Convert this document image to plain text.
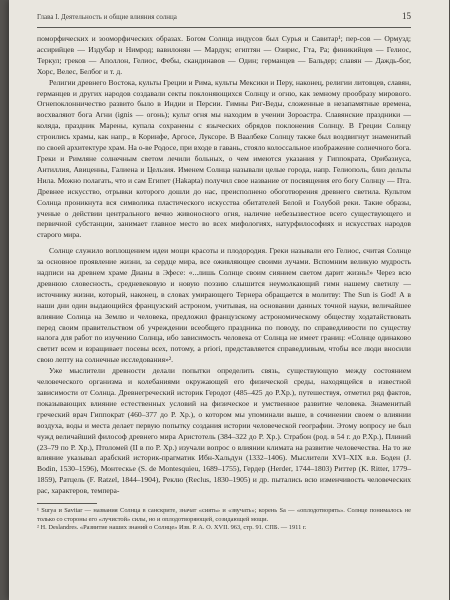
Глава I. Деятельность и общие влияния солнца	15

поморфических и зооморфических образах. Богом Солнца индусов был Сурья и Савитар¹; пер-сов — Ормузд; ассирийцев — Издубар и Нимрод; вавилонян — Мардук; египтян — Озирис, Гта, Ра; финикийцев — Гелиос, Теркул; греков — Аполлон, Гелиос, Фебы, скандинавов — Один; германцев — Бальдер; славян — Даждь-бог, Хорс, Велес, Белбог и т. д.

Религии древнего Востока, культы Греции и Рима, культы Мексики и Перу, наконец, религии литовцев, славян, германцев и других народов создавали секты поклоняющихся Солнцу и огню, как земному прообразу мирового. Огнепоклонничество развито было в Индии и Персии. Гимны Риг-Веды, сложенные в незапамятные времена, восхваляют бога Агни (ignis — огонь); культ огня мы находим в учении Зороастра. Славянские праздники — коляда, праздник Марены, купала сохранены с языческих обрядов поклонения Солнцу. В Греции Солнцу строились храмы, как напр., в Коринфе, Аргосе, Луксоре. В Ваалбеке Солнцу также был воздвигнут знаменитый по своей архитектуре храм. На о-ве Родосе, при входе в гавань, стояло колоссальное изображение солнечного бога. Греки и Римляне солнечным светом лечили больных, о чем имеются указания у Гиппократа, Орибазиуса, Антиллия, Авиценны, Галиена и Цельзия. Именем Солнца называли целые города, напр. Гелиополь, близ дельты Нила. Можно полагать, что и сам Египет (Hakapta) получил свое название от посвящения его богу Солнцу — Пта. Древнее искусство, отрывки которого дошли до нас, преисполнено обоготворения древнего светила. Культом Солнца проникнута вся символика пластического искусства обитателей Белой и Голубой реки. Такие образы, ученые о действии центрального вечно живоносного огня, наличие небезызвестное всего существующего и первичной субстанции, занимает главное место во всех мифологиях, натурфилософиях и искусствах народов старого мира.

Солнце служило воплощением идеи мощи красоты и плодородия. Греки называли его Гелиос, считая Солнце за основное проявление жизни, за сердце мира, все оживляющее своими лучами. Вспомним великую мудрость надписи на древнем храме Дианы в Эфесе: «...лишь Солнце своим сиянием светом дарит жизнь!» Через всю древнюю словесность, средневековую и новую поэзию слышится неумолкающий гимн нашему светилу — источнику жизни, который, наконец, в словах умирающего Тернера обращается в молитву: The Sun is God! А в наши дни один выдающийся французский астроном, учитывая, на основании данных точной науки, величайшее влияние Солнца на Землю и человека, предложил французскому астрономическому обществу ходатайствовать перед своим правительством об учреждении всеобщего праздника по поводу, по справедливости по существу налога для работ по изучению Солнца, ибо зависимость человека от Солнца не имеет границ: «Солнце одинаково светит всем и взращивает посевы всех, потому, a priori, представляется справедливым, чтобы все люди вносили свою лепту на солнечные исследования»².

Уже мыслители древности делали попытки определить связь, существующую между состоянием человеческого организма и колебаниями окружающей его физической среды, находящейся в известной зависимости от Солнца. Древнегреческий историк Геродот (485–425 до Р.Хр.), путешествуя, отметил ряд фактов, показывающих влияние естественных условий на физическое и умственное развитие человека. Знаменитый греческий врач Гиппократ (460–377 до Р. Хр.), о котором мы упоминали выше, в сочинении своем о влиянии воздуха, воды и места делает первую попытку создания истории человеческой географии. Этому вопросу не был чужд величайший философ древнего мира Аристотель (384–322 до Р. Хр.). Страбон (род. в 54 г. до Р.Хр.), Плиний (23–79 по Р. Хр.), Птоломей (II в по Р. Хр.) изучали вопрос о влиянии климата на развитие человечества. На то же влияние указывал арабский историк-прагматик Ибн-Хальдун (1332–1406). Мыслители XVI–XIX в.в. Боден (J. Bodin, 1530–1596), Монтескье (S. de Montesquieu, 1689–1755), Гердер (Herder, 1744–1803) Риттер (K. Ritter, 1779–1859), Ратцель (F. Ratzel, 1844–1904), Реклю (Reclus, 1830–1905) и др. пытались всю изменчивость человеческих рас, характеров, темпера-

¹ Surya и Savitar — названия Солнца в санскрите, значат «сиять» и «звучать»; корень Sa — «оплодотворять». Солнце понималось не только со стороны его «лучистой» силы, но и оплодотворяющей, созидающей мощи.

² H. Deslandres. «Развитие наших знаний о Солнце» Изв. Р. А. О. XVII. 963, стр. 91. СПБ. — 1911 г.
